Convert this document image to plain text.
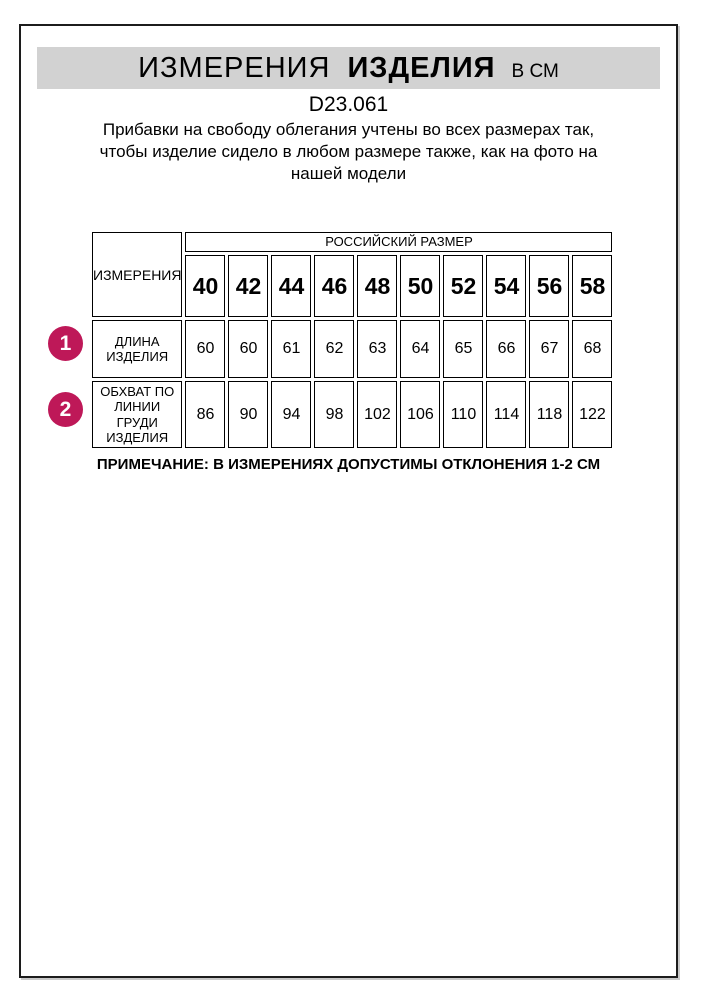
ИЗМЕРЕНИЯ ИЗДЕЛИЯ В СМ
D23.061
Прибавки на свободу облегания учтены во всех размерах так, чтобы изделие сидело в любом размере также, как на фото на нашей модели
ИЗМЕРЕНИЯ	РОССИЙСКИЙ РАЗМЕР									
	40	42	44	46	48	50	52	54	56	58
ДЛИНА ИЗДЕЛИЯ	60	60	61	62	63	64	65	66	67	68
ОБХВАТ ПО ЛИНИИ ГРУДИ ИЗДЕЛИЯ	86	90	94	98	102	106	110	114	118	122
1
2
ПРИМЕЧАНИЕ: В ИЗМЕРЕНИЯХ ДОПУСТИМЫ ОТКЛОНЕНИЯ 1-2 СМ
